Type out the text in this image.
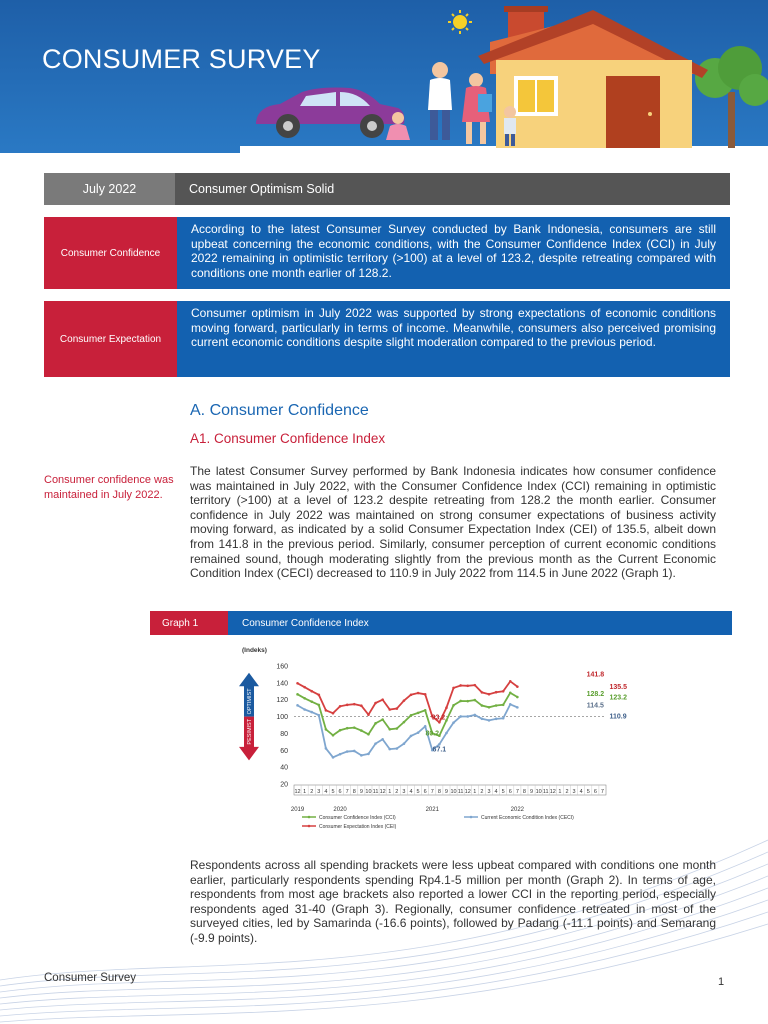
CONSUMER SURVEY
July 2022	Consumer Optimism Solid
Consumer Confidence
According to the latest Consumer Survey conducted by Bank Indonesia, consumers are still upbeat concerning the economic conditions, with the Consumer Confidence Index (CCI) in July 2022 remaining in optimistic territory (>100) at a level of 123.2, despite retreating compared with conditions one month earlier of 128.2.
Consumer Expectation
Consumer optimism in July 2022 was supported by strong expectations of economic conditions moving forward, particularly in terms of income. Meanwhile, consumers also perceived promising current economic conditions despite slight moderation compared to the previous period.
A. Consumer Confidence
A1. Consumer Confidence Index
Consumer confidence was maintained in July 2022.
The latest Consumer Survey performed by Bank Indonesia indicates how consumer confidence was maintained in July 2022, with the Consumer Confidence Index (CCI) remaining in optimistic territory (>100) at a level of 123.2 despite retreating from 128.2 the month earlier. Consumer confidence in July 2022 was maintained on strong consumer expectations of business activity moving forward, as indicated by a solid Consumer Expectation Index (CEI) of 135.5, albeit down from 141.8 in the previous period. Similarly, consumer perception of current economic conditions remained sound, though moderating slightly from the previous month as the Current Economic Condition Index (CECI) decreased to 110.9 in July 2022 from 114.5 in June 2022 (Graph 1).
Graph 1	Consumer Confidence Index
(Indeks)
20
40
60
80
100
120
140
160
OPTIMIST
PESIMIST
12 1 2 3 4 5 6 7 8 9 10 11 12 1 2 3 4 5 6 7 8 9 10 11 12 1 2 3 4 5 6 7 8 9 10 11 12 1 2 3 4 5 6 7
2019	2020	2021	2022
141.8
128.2
114.5
135.5
123.2
110.9
93.2
80.2
67.1
Consumer Confidence Index (CCI)	Current Economic Condition Index (CECI)
Consumer Expectation Index (CEI)
Respondents across all spending brackets were less upbeat compared with conditions one month earlier, particularly respondents spending Rp4.1-5 million per month (Graph 2). In terms of age, respondents from most age brackets also reported a lower CCI in the reporting period, especially respondents aged 31-40 (Graph 3). Regionally, consumer confidence retreated in most of the surveyed cities, led by Samarinda (-16.6 points), followed by Padang (-11.1 points) and Semarang (-9.9 points).
Consumer Survey	1
